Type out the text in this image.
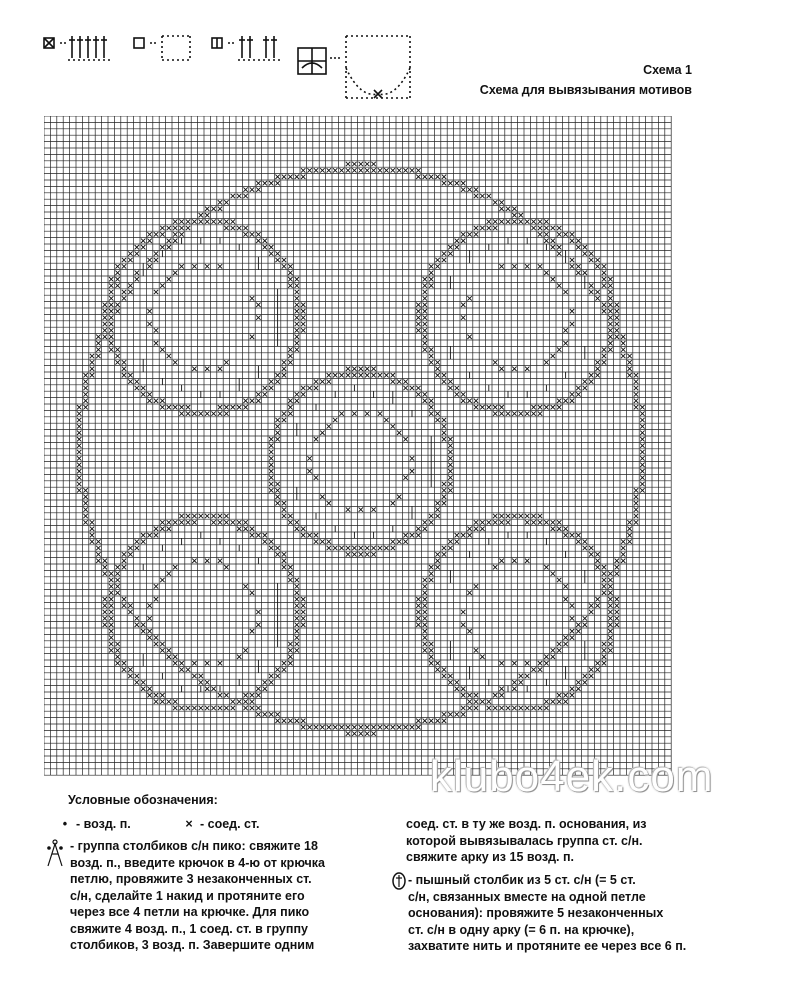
Схема 1
Схема для вывязывания мотивов
klubo4ek.com
Условные обозначения:
• - возд. п.	× - соед. ст.
- группа столбиков с/н пико: свяжите 18
возд. п., введите крючок в 4-ю от крючка
петлю, провяжите 3 незаконченных ст.
с/н, сделайте 1 накид и протяните его
через все 4 петли на крючке. Для пико
свяжите 4 возд. п., 1 соед. ст. в группу
столбиков, 3 возд. п. Завершите одним
соед. ст. в ту же возд. п. основания, из
которой вывязывалась группа ст. с/н.
свяжите арку из 15 возд. п.
- пышный столбик из 5 ст. с/н (= 5 ст.
с/н, связанных вместе на одной петле
основания): провяжите 5 незаконченных
ст. с/н в одну арку (= 6 п. на крючке),
захватите нить и протяните ее через все 6 п.
